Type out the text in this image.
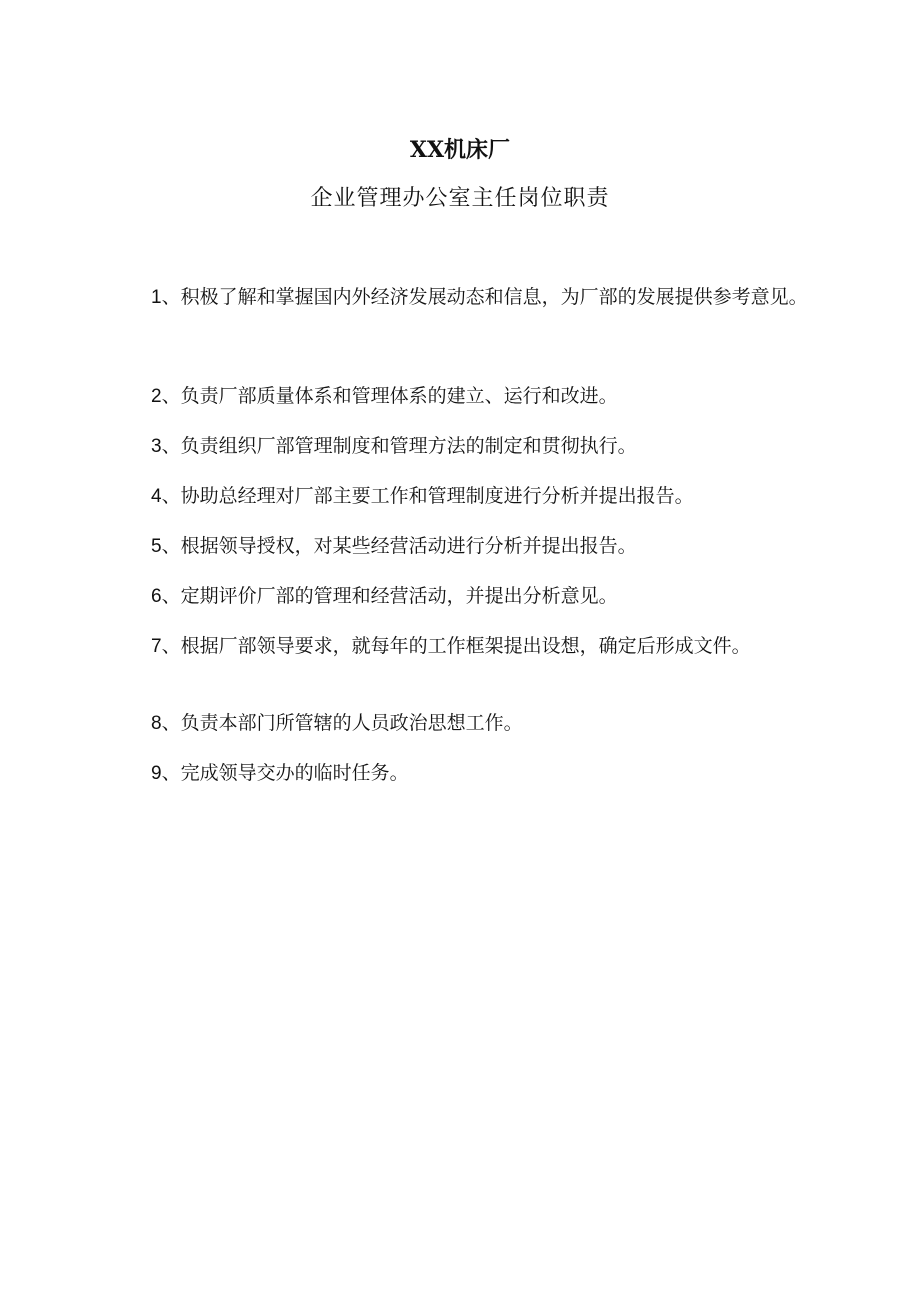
XX机床厂
企业管理办公室主任岗位职责
1、积极了解和掌握国内外经济发展动态和信息，为厂部的发展提供参考意见。
2、负责厂部质量体系和管理体系的建立、运行和改进。
3、负责组织厂部管理制度和管理方法的制定和贯彻执行。
4、协助总经理对厂部主要工作和管理制度进行分析并提出报告。
5、根据领导授权，对某些经营活动进行分析并提出报告。
6、定期评价厂部的管理和经营活动，并提出分析意见。
7、根据厂部领导要求，就每年的工作框架提出设想，确定后形成文件。
8、负责本部门所管辖的人员政治思想工作。
9、完成领导交办的临时任务。
